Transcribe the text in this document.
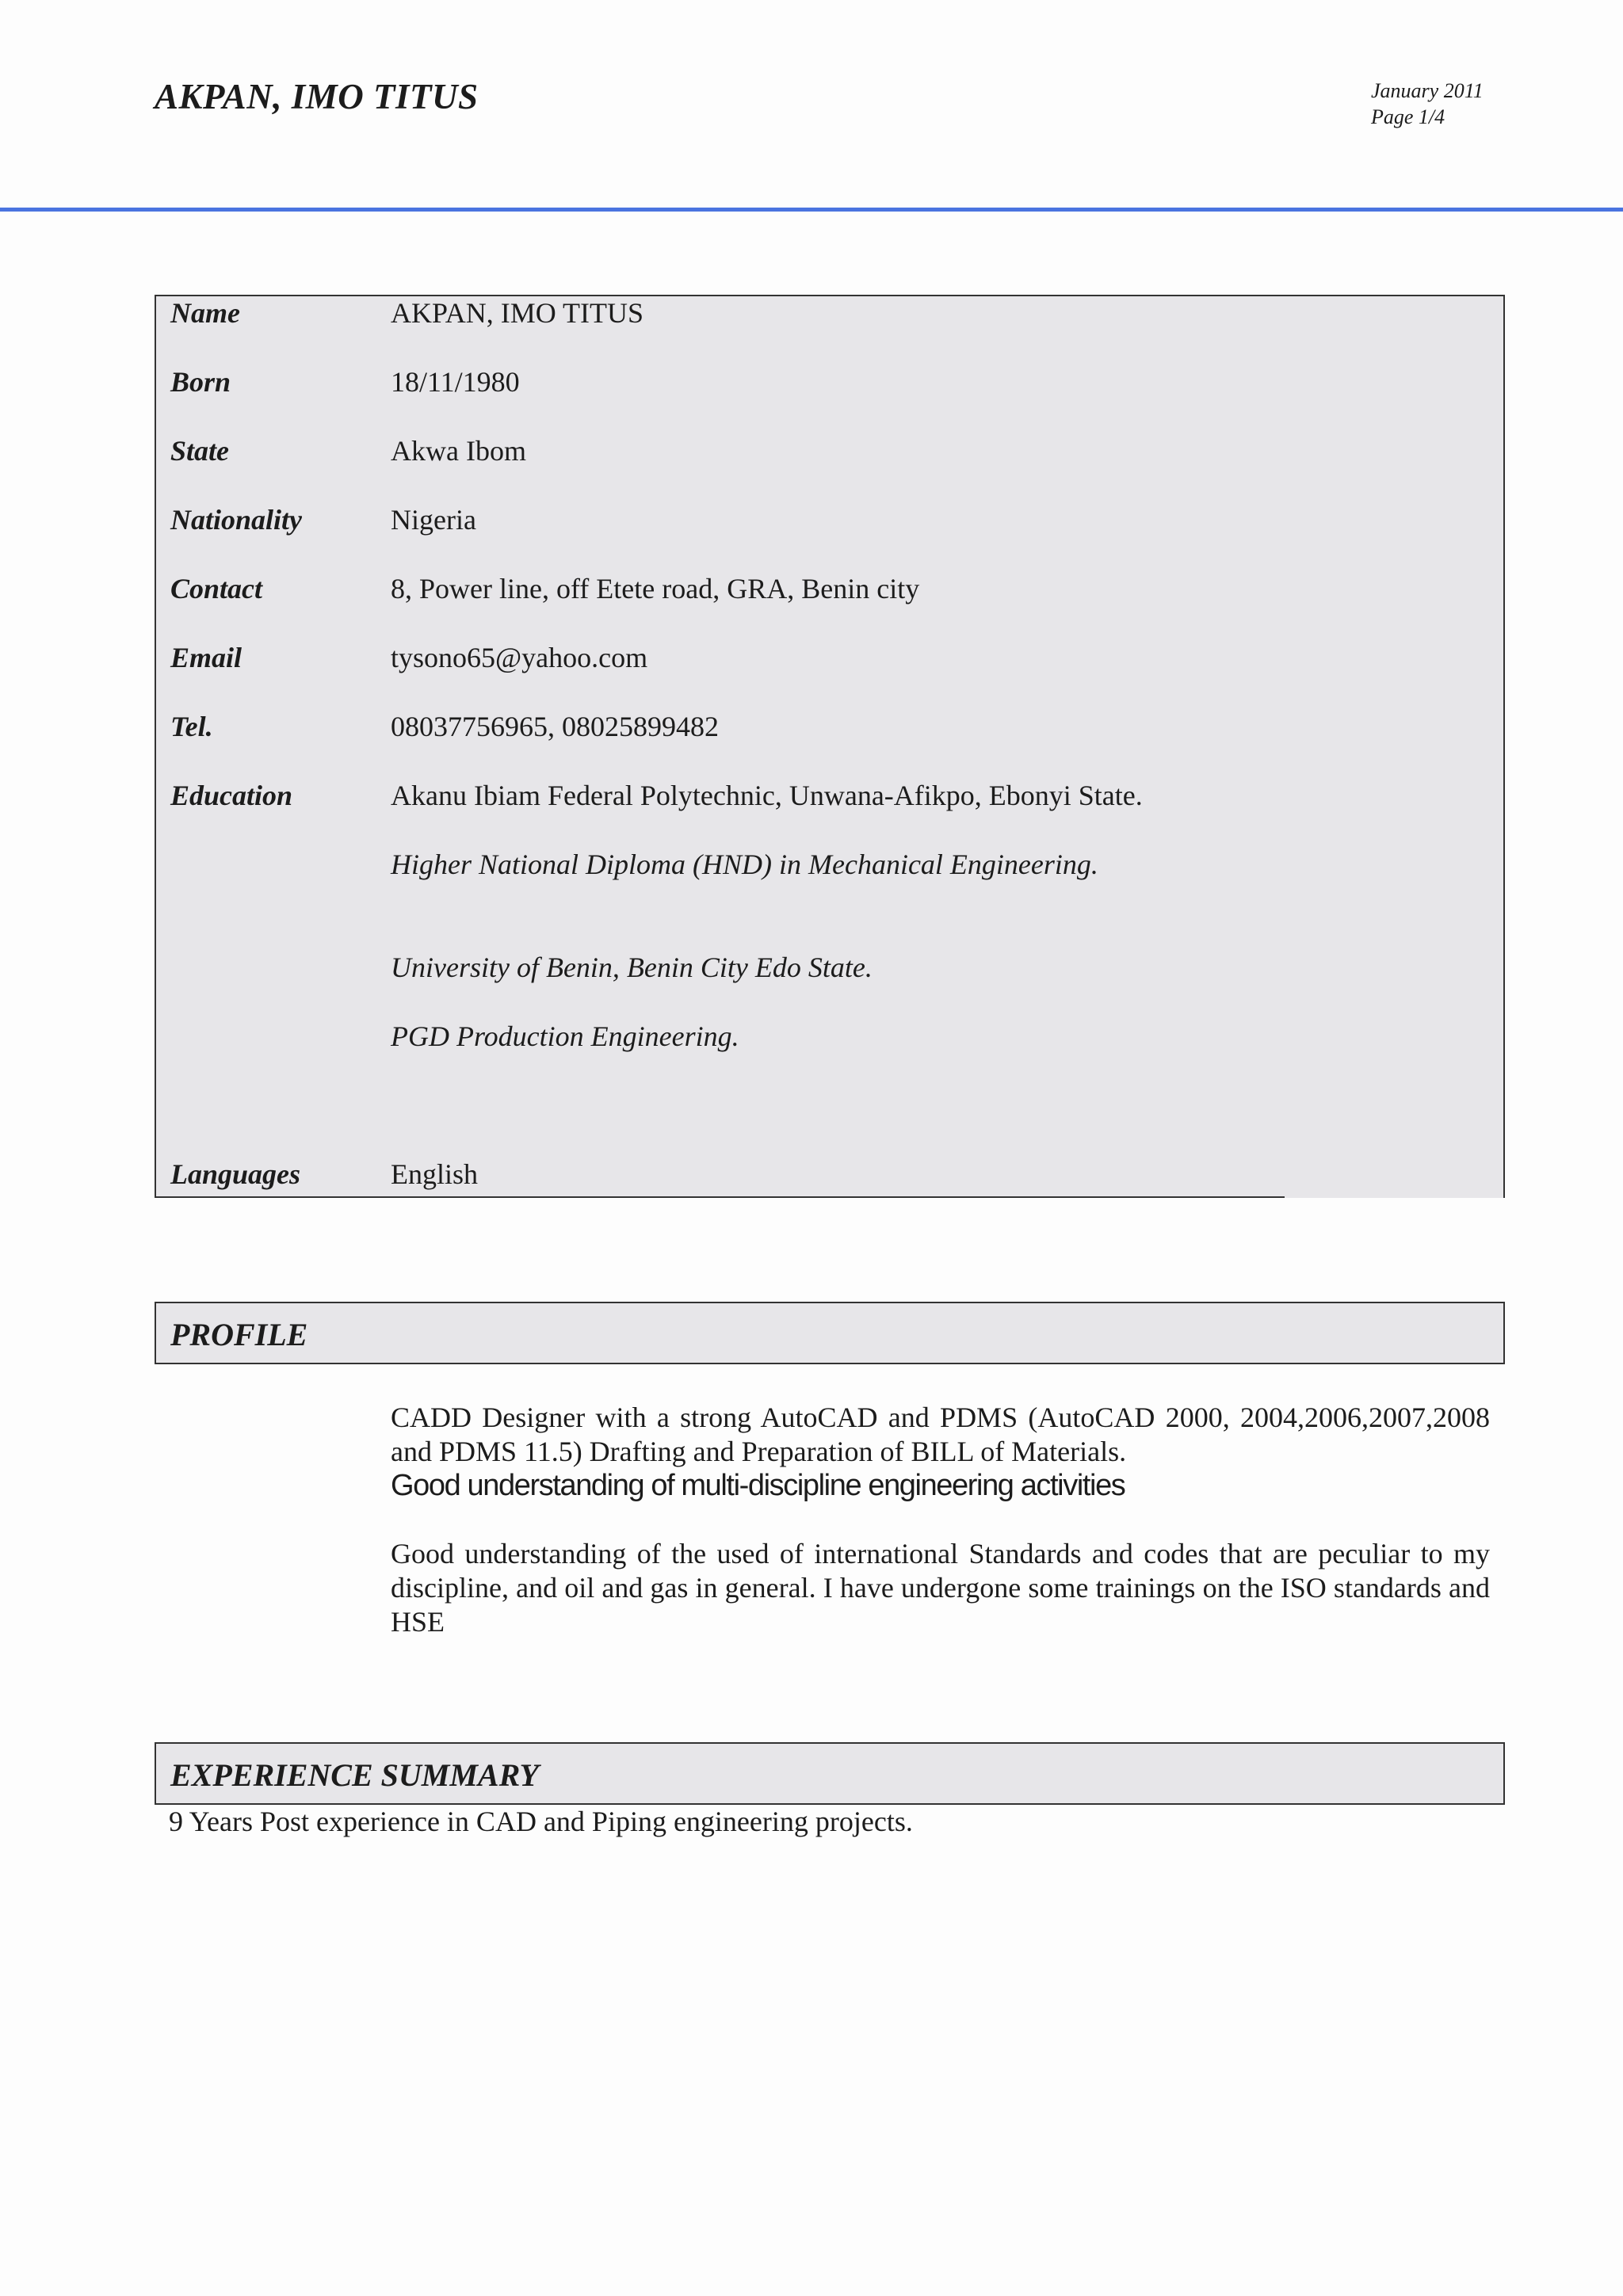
AKPAN, IMO TITUS	January 2011
Page 1/4
Name	AKPAN, IMO TITUS
Born	18/11/1980
State	Akwa Ibom
Nationality	Nigeria
Contact	8, Power line, off Etete road, GRA, Benin city
Email	tysono65@yahoo.com
Tel.	08037756965, 08025899482
Education	Akanu Ibiam Federal Polytechnic, Unwana-Afikpo, Ebonyi State.
Higher National Diploma (HND) in Mechanical Engineering.
University of Benin, Benin City Edo State.
PGD Production Engineering.
Languages	English
PROFILE
CADD Designer with a strong AutoCAD and PDMS (AutoCAD 2000, 2004,2006,2007,2008 and PDMS 11.5) Drafting and Preparation of BILL of Materials.
Good understanding of multi-discipline engineering activities
Good understanding of the used of international Standards and codes that are peculiar to my discipline, and oil and gas in general. I have undergone some trainings on the ISO standards and HSE
EXPERIENCE SUMMARY
9 Years Post experience in CAD and Piping engineering projects.
